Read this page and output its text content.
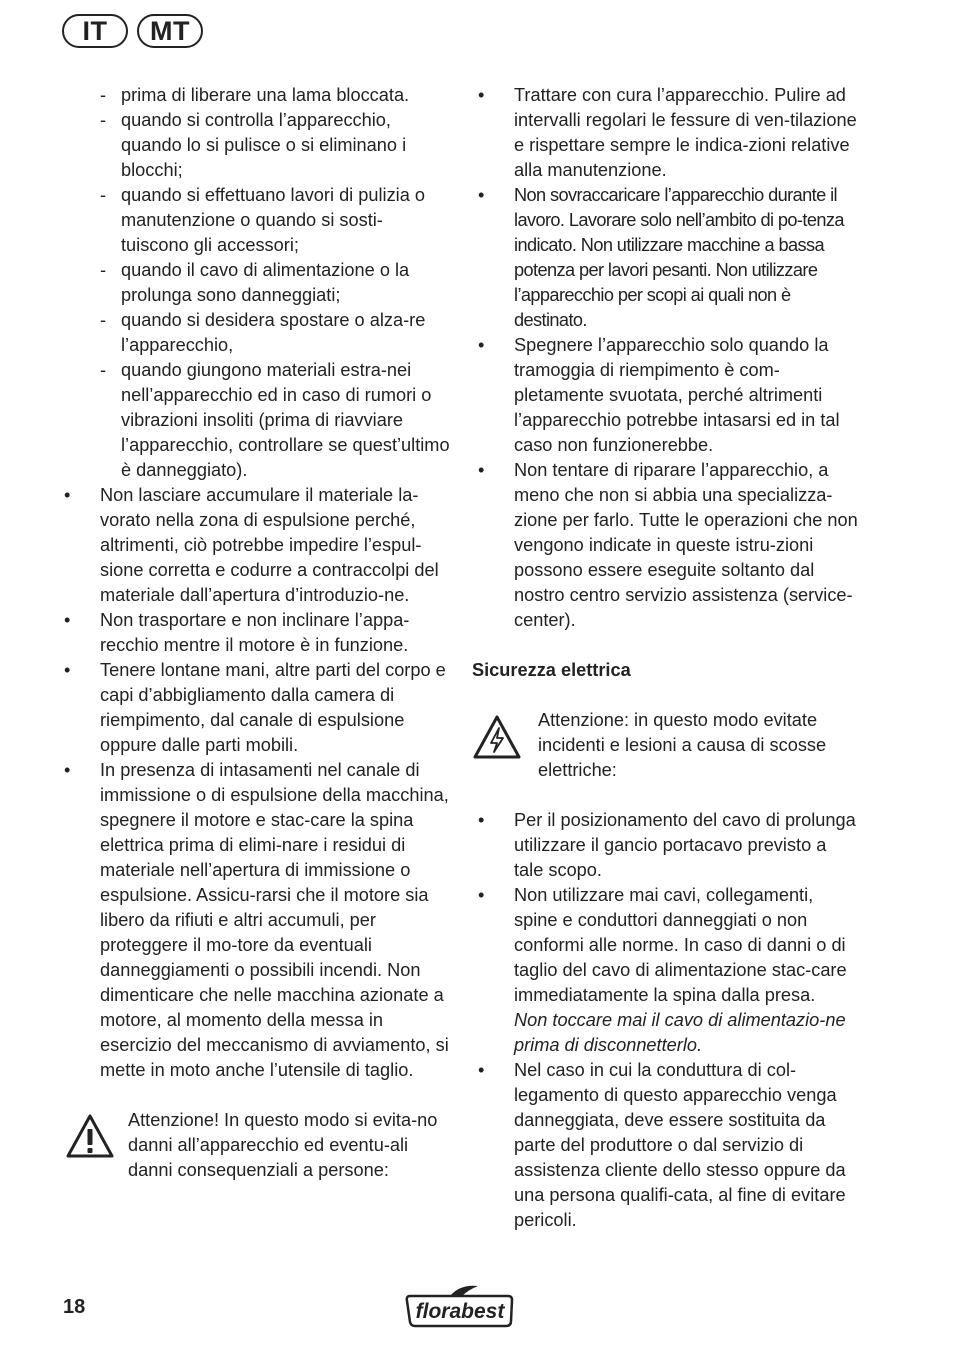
IT	MT
- prima di liberare una lama bloccata.
- quando si controlla l’apparecchio, quando lo si pulisce o si eliminano i blocchi;
- quando si effettuano lavori di pulizia o manutenzione o quando si sosti-tuiscono gli accessori;
- quando il cavo di alimentazione o la prolunga sono danneggiati;
- quando si desidera spostare o alza-re l’apparecchio,
- quando giungono materiali estra-nei nell’apparecchio ed in caso di rumori o vibrazioni insoliti (prima di riavviare l’apparecchio, controllare se quest’ultimo è danneggiato).
• Non lasciare accumulare il materiale la-vorato nella zona di espulsione perché, altrimenti, ciò potrebbe impedire l’espul-sione corretta e codurre a contraccolpi del materiale dall’apertura d’introduzio-ne.
• Non trasportare e non inclinare l’appa-recchio mentre il motore è in funzione.
• Tenere lontane mani, altre parti del corpo e capi d’abbigliamento dalla camera di riempimento, dal canale di espulsione oppure dalle parti mobili.
• In presenza di intasamenti nel canale di immissione o di espulsione della macchina, spegnere il motore e stac-care la spina elettrica prima di elimi-nare i residui di materiale nell’apertura di immissione o espulsione. Assicu-rarsi che il motore sia libero da rifiuti e altri accumuli, per proteggere il mo-tore da eventuali danneggiamenti o possibili incendi. Non dimenticare che nelle macchina azionate a motore, al momento della messa in esercizio del meccanismo di avviamento, si mette in moto anche l’utensile di taglio.
Attenzione! In questo modo si evita-no danni all’apparecchio ed eventu-ali danni consequenziali a persone:
• Trattare con cura l’apparecchio. Pulire ad intervalli regolari le fessure di ven-tilazione e rispettare sempre le indica-zioni relative alla manutenzione.
• Non sovraccaricare l’apparecchio durante il lavoro. Lavorare solo nell’ambito di po-tenza indicato. Non utilizzare macchine a bassa potenza per lavori pesanti. Non utilizzare l’apparecchio per scopi ai quali non è destinato.
• Spegnere l’apparecchio solo quando la tramoggia di riempimento è com-pletamente svuotata, perché altrimenti l’apparecchio potrebbe intasarsi ed in tal caso non funzionerebbe.
• Non tentare di riparare l’apparecchio, a meno che non si abbia una specializza-zione per farlo. Tutte le operazioni che non vengono indicate in queste istru-zioni possono essere eseguite soltanto dal nostro centro servizio assistenza (service-center).
Sicurezza elettrica
Attenzione: in questo modo evitate incidenti e lesioni a causa di scosse elettriche:
• Per il posizionamento del cavo di prolunga utilizzare il gancio portacavo previsto a tale scopo.
• Non utilizzare mai cavi, collegamenti, spine e conduttori danneggiati o non conformi alle norme. In caso di danni o di taglio del cavo di alimentazione stac-care immediatamente la spina dalla presa.
Non toccare mai il cavo di alimentazio-ne prima di disconnetterlo.
• Nel caso in cui la conduttura di col-legamento di questo apparecchio venga danneggiata, deve essere sostituita da parte del produttore o dal servizio di assistenza cliente dello stesso oppure da una persona qualifi-cata, al fine di evitare pericoli.
18	florabest
